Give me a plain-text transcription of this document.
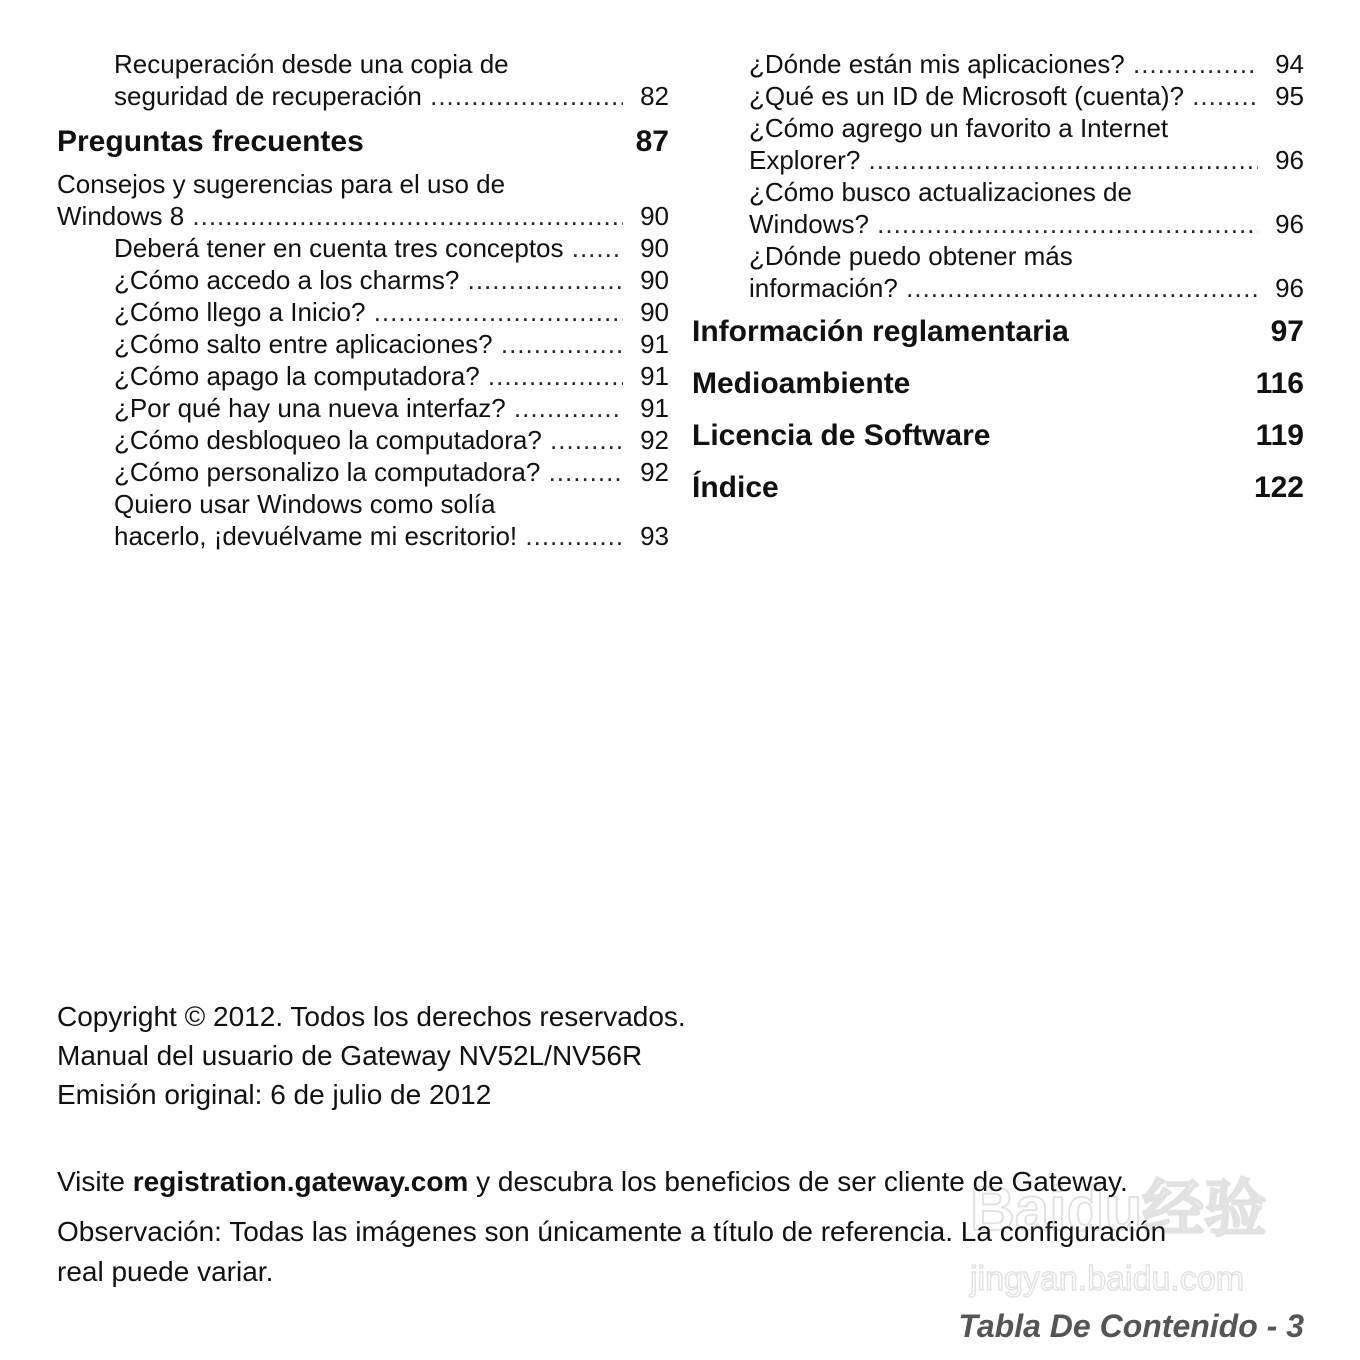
Recuperación desde una copia de
seguridad de recuperación .....	82
Preguntas frecuentes	87
Consejos y sugerencias para el uso de
Windows 8 .....	90
Deberá tener en cuenta tres conceptos .....	90
¿Cómo accedo a los charms? .....	90
¿Cómo llego a Inicio? .....	90
¿Cómo salto entre aplicaciones? .....	91
¿Cómo apago la computadora? .....	91
¿Por qué hay una nueva interfaz? .....	91
¿Cómo desbloqueo la computadora? .....	92
¿Cómo personalizo la computadora? .....	92
Quiero usar Windows como solía
hacerlo, ¡devuélvame mi escritorio! .....	93
¿Dónde están mis aplicaciones? .....	94
¿Qué es un ID de Microsoft (cuenta)? .....	95
¿Cómo agrego un favorito a Internet
Explorer? .....	96
¿Cómo busco actualizaciones de
Windows? .....	96
¿Dónde puedo obtener más
información? .....	96
Información reglamentaria	97
Medioambiente	116
Licencia de Software	119
Índice	122
Copyright © 2012. Todos los derechos reservados.
Manual del usuario de Gateway NV52L/NV56R
Emisión original: 6 de julio de 2012
Visite registration.gateway.com y descubra los beneficios de ser cliente de Gateway.
Observación: Todas las imágenes son únicamente a título de referencia. La configuración
real puede variar.
Tabla De Contenido - 3
Baidu经验
jingyan.baidu.com
